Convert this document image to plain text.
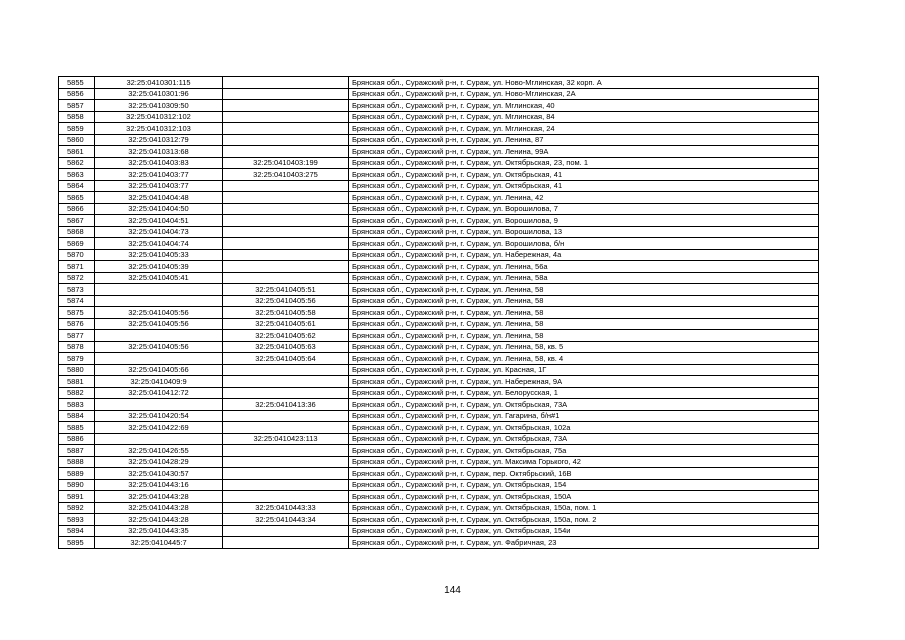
5855	32:25:0410301:115		Брянская обл., Суражский р-н, г. Сураж, ул. Ново-Мглинская, 32 корп. А
5856	32:25:0410301:96		Брянская обл., Суражский р-н, г. Сураж, ул. Ново-Мглинская, 2А
5857	32:25:0410309:50		Брянская обл., Суражский р-н, г. Сураж, ул. Мглинская, 40
5858	32:25:0410312:102		Брянская обл., Суражский р-н, г. Сураж, ул. Мглинская, 84
5859	32:25:0410312:103		Брянская обл., Суражский р-н, г. Сураж, ул. Мглинская, 24
5860	32:25:0410312:79		Брянская обл., Суражский р-н, г. Сураж, ул. Ленина, 87
5861	32:25:0410313:68		Брянская обл., Суражский р-н, г. Сураж, ул. Ленина, 99А
5862	32:25:0410403:83	32:25:0410403:199	Брянская обл., Суражский р-н, г. Сураж, ул. Октябрьская, 23, пом. 1
5863	32:25:0410403:77	32:25:0410403:275	Брянская обл., Суражский р-н, г. Сураж, ул. Октябрьская, 41
5864	32:25:0410403:77		Брянская обл., Суражский р-н, г. Сураж, ул. Октябрьская, 41
5865	32:25:0410404:48		Брянская обл., Суражский р-н, г. Сураж, ул. Ленина, 42
5866	32:25:0410404:50		Брянская обл., Суражский р-н, г. Сураж, ул. Ворошилова, 7
5867	32:25:0410404:51		Брянская обл., Суражский р-н, г. Сураж, ул. Ворошилова, 9
5868	32:25:0410404:73		Брянская обл., Суражский р-н, г. Сураж, ул. Ворошилова, 13
5869	32:25:0410404:74		Брянская обл., Суражский р-н, г. Сураж, ул. Ворошилова, б/н
5870	32:25:0410405:33		Брянская обл., Суражский р-н, г. Сураж, ул. Набережная, 4а
5871	32:25:0410405:39		Брянская обл., Суражский р-н, г. Сураж, ул. Ленина, 56а
5872	32:25:0410405:41		Брянская обл., Суражский р-н, г. Сураж, ул. Ленина, 58а
5873		32:25:0410405:51	Брянская обл., Суражский р-н, г. Сураж, ул. Ленина, 58
5874		32:25:0410405:56	Брянская обл., Суражский р-н, г. Сураж, ул. Ленина, 58
5875	32:25:0410405:56	32:25:0410405:58	Брянская обл., Суражский р-н, г. Сураж, ул. Ленина, 58
5876	32:25:0410405:56	32:25:0410405:61	Брянская обл., Суражский р-н, г. Сураж, ул. Ленина, 58
5877		32:25:0410405:62	Брянская обл., Суражский р-н, г. Сураж, ул. Ленина, 58
5878	32:25:0410405:56	32:25:0410405:63	Брянская обл., Суражский р-н, г. Сураж, ул. Ленина, 58, кв. 5
5879		32:25:0410405:64	Брянская обл., Суражский р-н, г. Сураж, ул. Ленина, 58, кв. 4
5880	32:25:0410405:66		Брянская обл., Суражский р-н, г. Сураж, ул. Красная, 1Г
5881	32:25:0410409:9		Брянская обл., Суражский р-н, г. Сураж, ул. Набережная, 9А
5882	32:25:0410412:72		Брянская обл., Суражский р-н, г. Сураж, ул. Белорусская, 1
5883		32:25:0410413:36	Брянская обл., Суражский р-н, г. Сураж, ул. Октябрьская, 73А
5884	32:25:0410420:54		Брянская обл., Суражский р-н, г. Сураж, ул. Гагарина, б/н#1
5885	32:25:0410422:69		Брянская обл., Суражский р-н, г. Сураж, ул. Октябрьская, 102а
5886		32:25:0410423:113	Брянская обл., Суражский р-н, г. Сураж, ул. Октябрьская, 73А
5887	32:25:0410426:55		Брянская обл., Суражский р-н, г. Сураж, ул. Октябрьская, 75а
5888	32:25:0410428:29		Брянская обл., Суражский р-н, г. Сураж, ул. Максима Горького, 42
5889	32:25:0410430:57		Брянская обл., Суражский р-н, г. Сураж, пер. Октябрьский, 16В
5890	32:25:0410443:16		Брянская обл., Суражский р-н, г. Сураж, ул. Октябрьская, 154
5891	32:25:0410443:28		Брянская обл., Суражский р-н, г. Сураж, ул. Октябрьская, 150А
5892	32:25:0410443:28	32:25:0410443:33	Брянская обл., Суражский р-н, г. Сураж, ул. Октябрьская, 150а, пом. 1
5893	32:25:0410443:28	32:25:0410443:34	Брянская обл., Суражский р-н, г. Сураж, ул. Октябрьская, 150а, пом. 2
5894	32:25:0410443:35		Брянская обл., Суражский р-н, г. Сураж, ул. Октябрьская, 154и
5895	32:25:0410445:7		Брянская обл., Суражский р-н, г. Сураж, ул. Фабричная, 23
144
